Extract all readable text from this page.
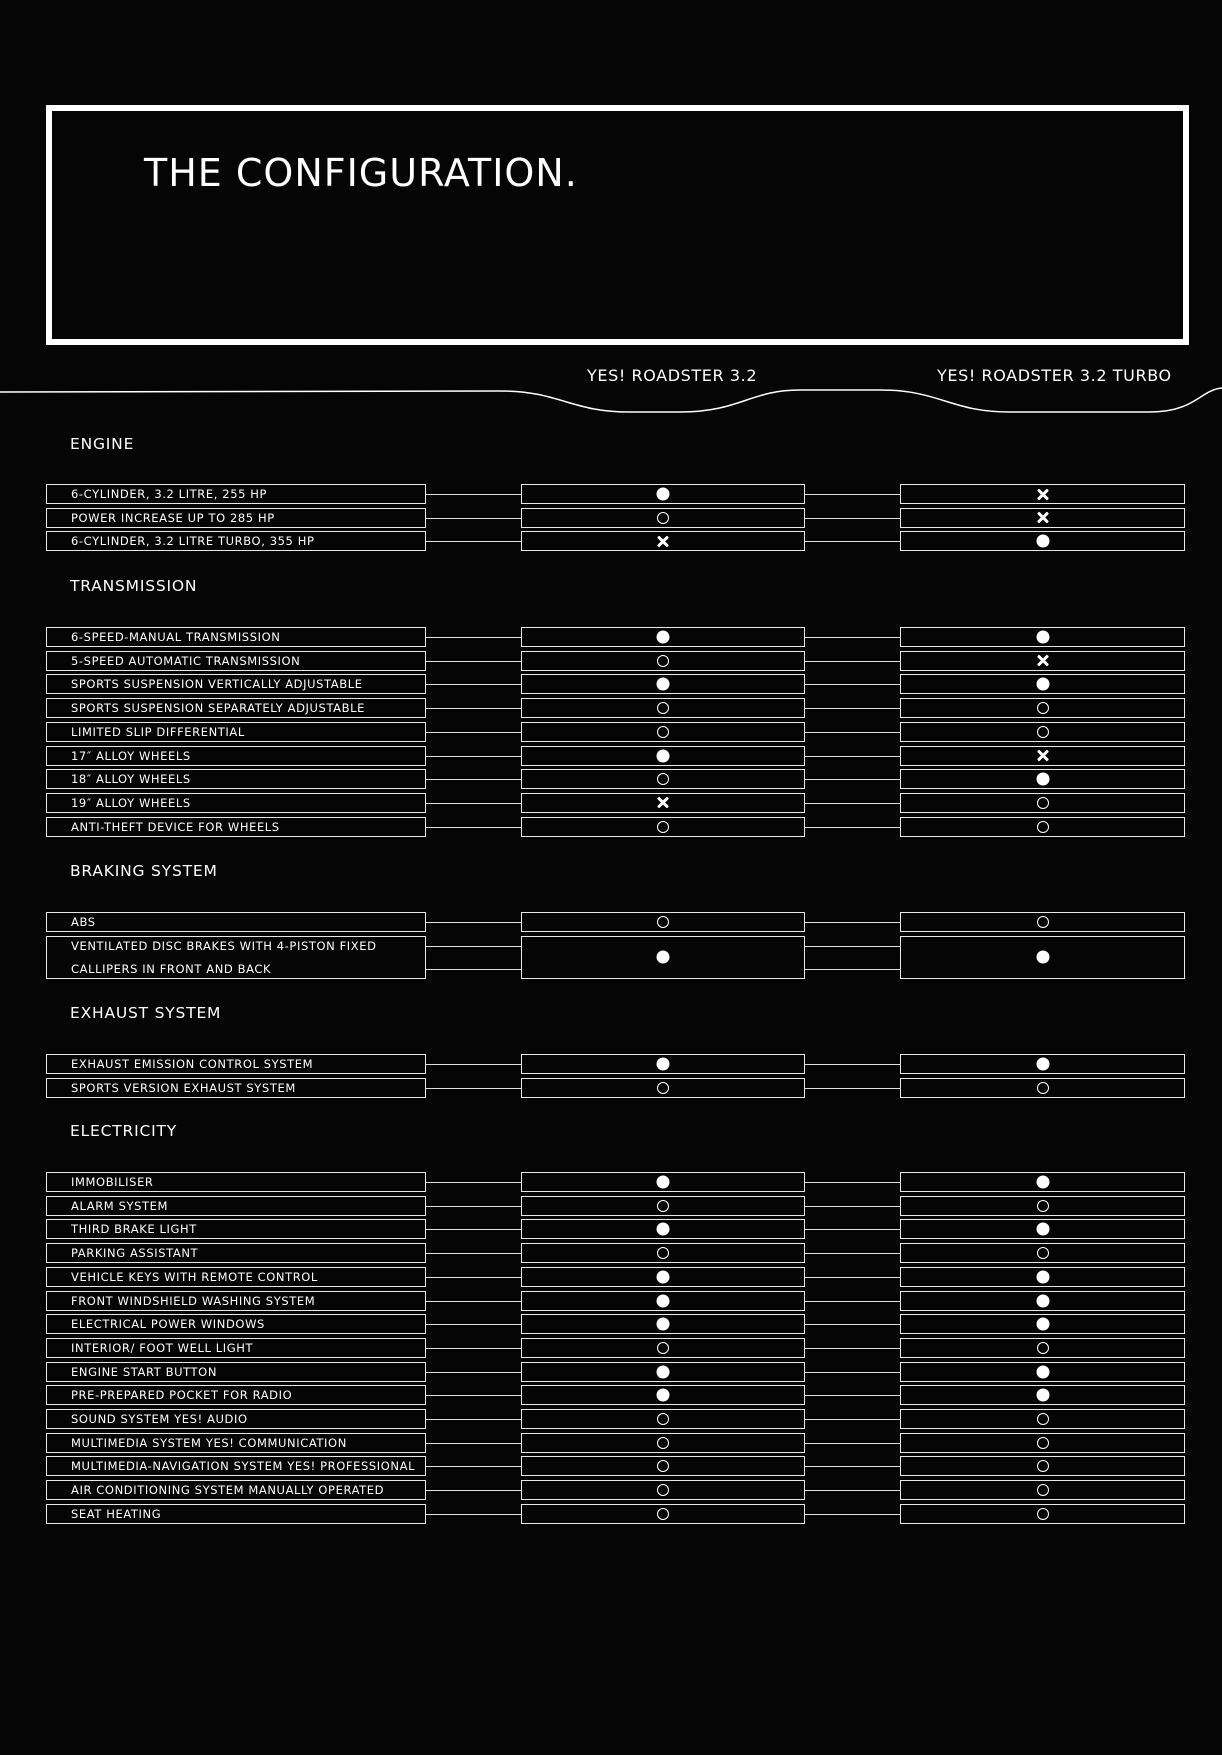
THE CONFIGURATION.
YES! ROADSTER 3.2	YES! ROADSTER 3.2 TURBO
ENGINE
6-CYLINDER, 3.2 LITRE, 255 HP
POWER INCREASE UP TO 285 HP
6-CYLINDER, 3.2 LITRE TURBO, 355 HP
TRANSMISSION
6-SPEED-MANUAL TRANSMISSION
5-SPEED AUTOMATIC TRANSMISSION
SPORTS SUSPENSION VERTICALLY ADJUSTABLE
SPORTS SUSPENSION SEPARATELY ADJUSTABLE
LIMITED SLIP DIFFERENTIAL
17″ ALLOY WHEELS
18″ ALLOY WHEELS
19″ ALLOY WHEELS
ANTI-THEFT DEVICE FOR WHEELS
BRAKING SYSTEM
ABS
VENTILATED DISC BRAKES WITH 4-PISTON FIXED
CALLIPERS IN FRONT AND BACK
EXHAUST SYSTEM
EXHAUST EMISSION CONTROL SYSTEM
SPORTS VERSION EXHAUST SYSTEM
ELECTRICITY
IMMOBILISER
ALARM SYSTEM
THIRD BRAKE LIGHT
PARKING ASSISTANT
VEHICLE KEYS WITH REMOTE CONTROL
FRONT WINDSHIELD WASHING SYSTEM
ELECTRICAL POWER WINDOWS
INTERIOR/ FOOT WELL LIGHT
ENGINE START BUTTON
PRE-PREPARED POCKET FOR RADIO
SOUND SYSTEM YES! AUDIO
MULTIMEDIA SYSTEM YES! COMMUNICATION
MULTIMEDIA-NAVIGATION SYSTEM YES! PROFESSIONAL
AIR CONDITIONING SYSTEM MANUALLY OPERATED
SEAT HEATING
